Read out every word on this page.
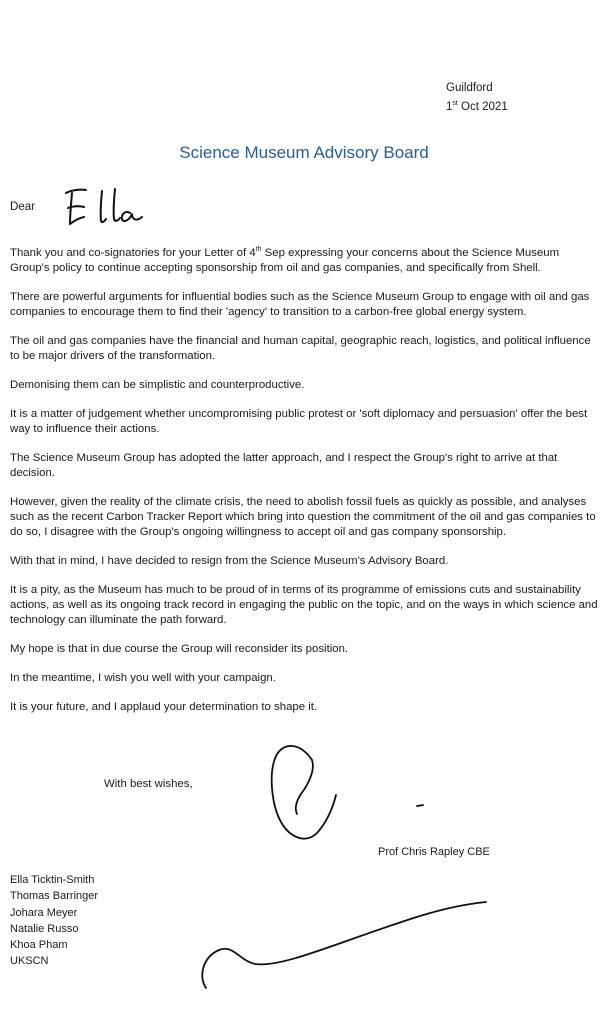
Guildford
1st Oct 2021
Science Museum Advisory Board
Dear

Thank you and co-signatories for your Letter of 4th Sep expressing your concerns about the Science Museum Group's policy to continue accepting sponsorship from oil and gas companies, and specifically from Shell.

There are powerful arguments for influential bodies such as the Science Museum Group to engage with oil and gas companies to encourage them to find their 'agency' to transition to a carbon-free global energy system.

The oil and gas companies have the financial and human capital, geographic reach, logistics, and political influence to be major drivers of the transformation.

Demonising them can be simplistic and counterproductive.

It is a matter of judgement whether uncompromising public protest or 'soft diplomacy and persuasion' offer the best way to influence their actions.

The Science Museum Group has adopted the latter approach, and I respect the Group's right to arrive at that decision.

However, given the reality of the climate crisis, the need to abolish fossil fuels as quickly as possible, and analyses such as the recent Carbon Tracker Report which bring into question the commitment of the oil and gas companies to do so, I disagree with the Group's ongoing willingness to accept oil and gas company sponsorship.

With that in mind, I have decided to resign from the Science Museum's Advisory Board.

It is a pity, as the Museum has much to be proud of in terms of its programme of emissions cuts and sustainability actions, as well as its ongoing track record in engaging the public on the topic, and on the ways in which science and technology can illuminate the path forward.

My hope is that in due course the Group will reconsider its position.

In the meantime, I wish you well with your campaign.

It is your future, and I applaud your determination to shape it.

With best wishes,
Prof Chris Rapley CBE
Ella Ticktin-Smith
Thomas Barringer
Johara Meyer
Natalie Russo
Khoa Pham
UKSCN
